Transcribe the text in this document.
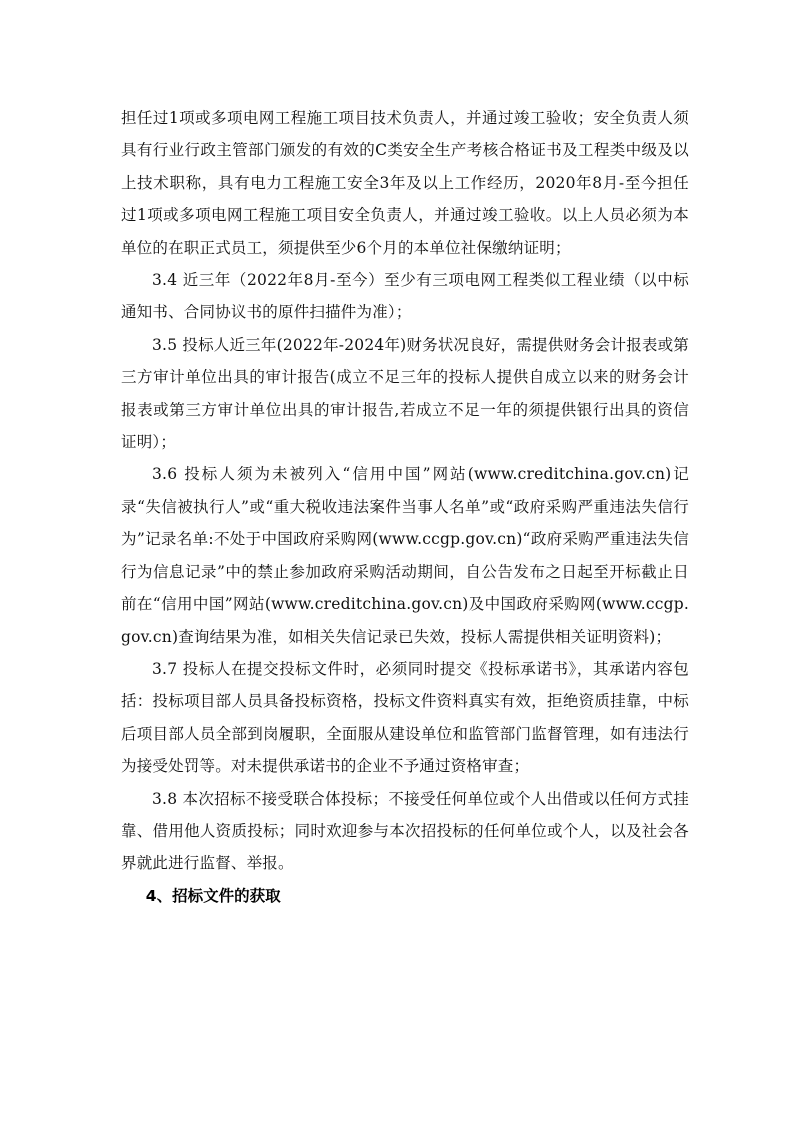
担任过1项或多项电网工程施工项目技术负责人，并通过竣工验收；安全负责人须具有行业行政主管部门颁发的有效的C类安全生产考核合格证书及工程类中级及以上技术职称，具有电力工程施工安全3年及以上工作经历，2020年8月-至今担任过1项或多项电网工程施工项目安全负责人，并通过竣工验收。以上人员必须为本单位的在职正式员工，须提供至少6个月的本单位社保缴纳证明；

3.4 近三年（2022年8月-至今）至少有三项电网工程类似工程业绩（以中标通知书、合同协议书的原件扫描件为准）；

3.5 投标人近三年(2022年-2024年)财务状况良好，需提供财务会计报表或第三方审计单位出具的审计报告(成立不足三年的投标人提供自成立以来的财务会计报表或第三方审计单位出具的审计报告,若成立不足一年的须提供银行出具的资信证明）；

3.6 投标人须为未被列入“信用中国”网站(www.creditchina.gov.cn)记录“失信被执行人”或“重大税收违法案件当事人名单”或“政府采购严重违法失信行为”记录名单:不处于中国政府采购网(www.ccgp.gov.cn)“政府采购严重违法失信行为信息记录”中的禁止参加政府采购活动期间，自公告发布之日起至开标截止日前在“信用中国”网站(www.creditchina.gov.cn)及中国政府采购网(www.ccgp.gov.cn)查询结果为准，如相关失信记录已失效，投标人需提供相关证明资料)；

3.7 投标人在提交投标文件时，必须同时提交《投标承诺书》，其承诺内容包括：投标项目部人员具备投标资格，投标文件资料真实有效，拒绝资质挂靠，中标后项目部人员全部到岗履职，全面服从建设单位和监管部门监督管理，如有违法行为接受处罚等。对未提供承诺书的企业不予通过资格审查；

3.8 本次招标不接受联合体投标；不接受任何单位或个人出借或以任何方式挂靠、借用他人资质投标；同时欢迎参与本次招投标的任何单位或个人，以及社会各界就此进行监督、举报。

4、招标文件的获取
